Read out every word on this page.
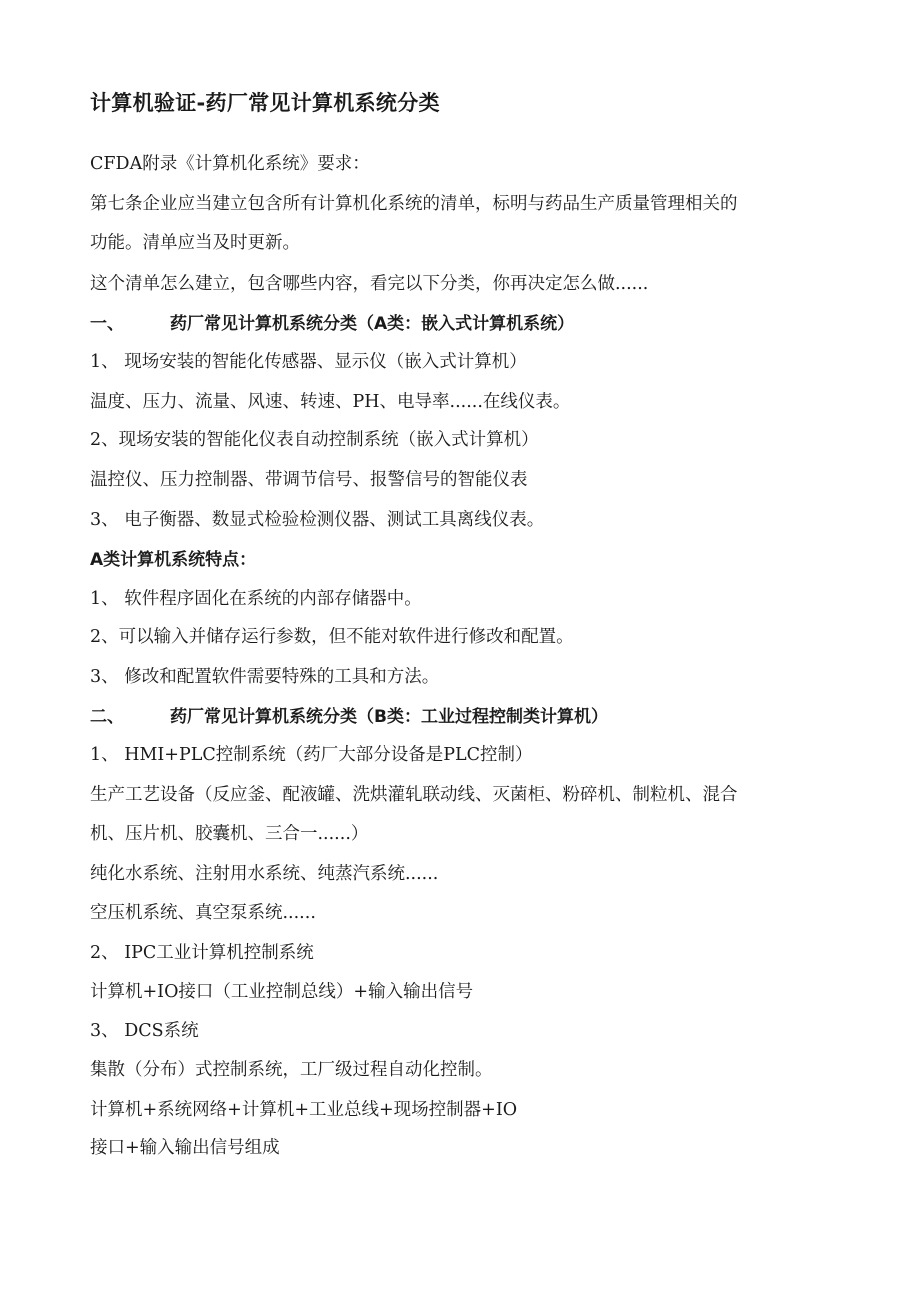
计算机验证-药厂常见计算机系统分类
CFDA附录《计算机化系统》要求：
第七条企业应当建立包含所有计算机化系统的清单，标明与药品生产质量管理相关的
功能。清单应当及时更新。
这个清单怎么建立，包含哪些内容，看完以下分类，你再决定怎么做......
一、	药厂常见计算机系统分类（A类：嵌入式计算机系统）
1、 现场安装的智能化传感器、显示仪（嵌入式计算机）
温度、压力、流量、风速、转速、PH、电导率......在线仪表。
2、现场安装的智能化仪表自动控制系统（嵌入式计算机）
温控仪、压力控制器、带调节信号、报警信号的智能仪表
3、 电子衡器、数显式检验检测仪器、测试工具离线仪表。
A类计算机系统特点：
1、 软件程序固化在系统的内部存储器中。
2、可以输入并储存运行参数，但不能对软件进行修改和配置。
3、 修改和配置软件需要特殊的工具和方法。
二、	药厂常见计算机系统分类（B类：工业过程控制类计算机）
1、 HMI+PLC控制系统（药厂大部分设备是PLC控制）
生产工艺设备（反应釜、配液罐、洗烘灌轧联动线、灭菌柜、粉碎机、制粒机、混合
机、压片机、胶囊机、三合一......）
纯化水系统、注射用水系统、纯蒸汽系统......
空压机系统、真空泵系统......
2、 IPC工业计算机控制系统
计算机+IO接口（工业控制总线）+输入输出信号
3、 DCS系统
集散（分布）式控制系统，工厂级过程自动化控制。
计算机+系统网络+计算机+工业总线+现场控制器+IO
接口+输入输出信号组成
